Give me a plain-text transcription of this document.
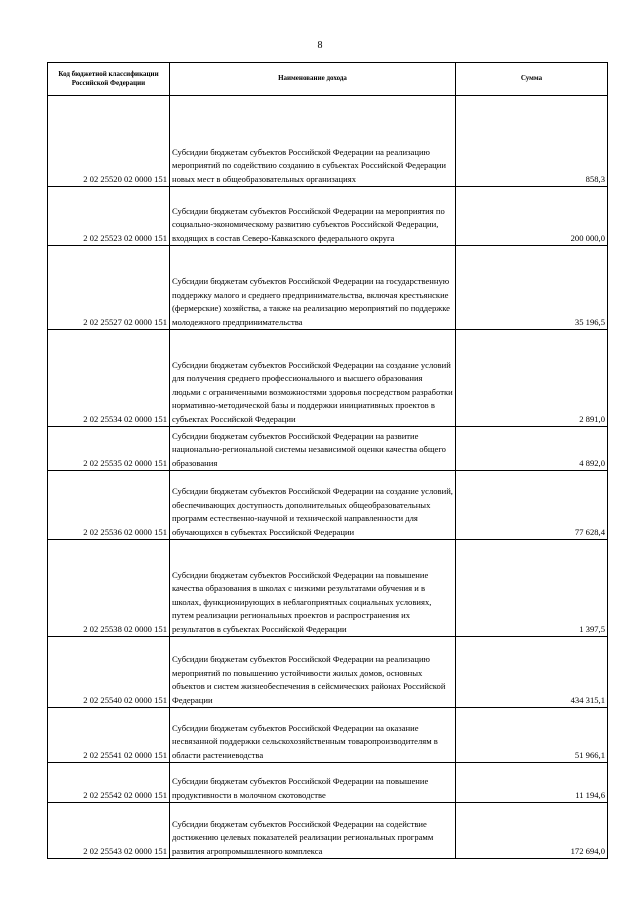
8
Код бюджетной классификации Российской Федерации	Наименование дохода	Сумма
2 02 25520 02 0000 151	Субсидии бюджетам субъектов Российской Федерации на реализацию мероприятий по содействию созданию в субъектах Российской Федерации новых мест в общеобразовательных организациях	858,3
2 02 25523 02 0000 151	Субсидии бюджетам субъектов Российской Федерации на мероприятия по социально-экономическому развитию субъектов Российской Федерации, входящих в состав Северо-Кавказского федерального округа	200 000,0
2 02 25527 02 0000 151	Субсидии бюджетам субъектов Российской Федерации на государственную поддержку малого и среднего предпринимательства, включая крестьянские (фермерские) хозяйства, а также на реализацию мероприятий по поддержке молодежного предпринимательства	35 196,5
2 02 25534 02 0000 151	Субсидии бюджетам субъектов Российской Федерации на создание условий для получения среднего профессионального и высшего образования людьми с ограниченными возможностями здоровья посредством разработки нормативно-методической базы и поддержки инициативных проектов в субъектах Российской Федерации	2 891,0
2 02 25535 02 0000 151	Субсидии бюджетам субъектов Российской Федерации на развитие национально-региональной системы независимой оценки качества общего образования	4 892,0
2 02 25536 02 0000 151	Субсидии бюджетам субъектов Российской Федерации на создание условий, обеспечивающих доступность дополнительных общеобразовательных программ естественно-научной и технической направленности для обучающихся в субъектах Российской Федерации	77 628,4
2 02 25538 02 0000 151	Субсидии бюджетам субъектов Российской Федерации на повышение качества образования в школах с низкими результатами обучения и в школах, функционирующих в неблагоприятных социальных условиях, путем реализации региональных проектов и распространения их результатов в субъектах Российской Федерации	1 397,5
2 02 25540 02 0000 151	Субсидии бюджетам субъектов Российской Федерации на реализацию мероприятий по повышению устойчивости жилых домов, основных объектов и систем жизнеобеспечения в сейсмических районах Российской Федерации	434 315,1
2 02 25541 02 0000 151	Субсидии бюджетам субъектов Российской Федерации на оказание несвязанной поддержки сельскохозяйственным товаропроизводителям в области растениеводства	51 966,1
2 02 25542 02 0000 151	Субсидии бюджетам субъектов Российской Федерации на повышение продуктивности в молочном скотоводстве	11 194,6
2 02 25543 02 0000 151	Субсидии бюджетам субъектов Российской Федерации на содействие достижению целевых показателей реализации региональных программ развития агропромышленного комплекса	172 694,0
